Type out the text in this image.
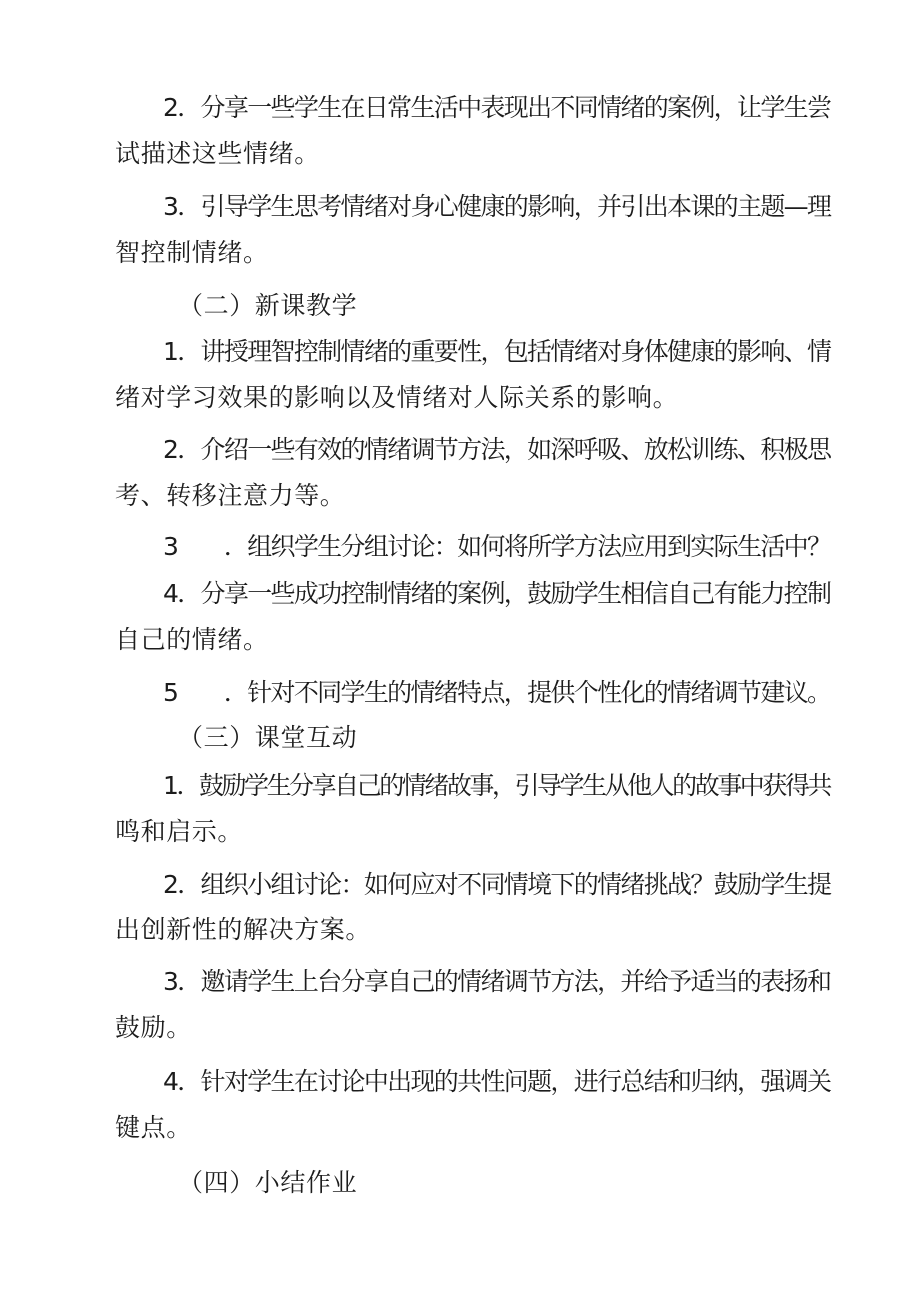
2．分享一些学生在日常生活中表现出不同情绪的案例，让学生尝

试描述这些情绪。

3．引导学生思考情绪对身心健康的影响，并引出本课的主题—理

智控制情绪。

（二）新课教学

1．讲授理智控制情绪的重要性，包括情绪对身体健康的影响、情

绪对学习效果的影响以及情绪对人际关系的影响。

2．介绍一些有效的情绪调节方法，如深呼吸、放松训练、积极思

考、转移注意力等。

3　　．组织学生分组讨论：如何将所学方法应用到实际生活中？

4．分享一些成功控制情绪的案例，鼓励学生相信自己有能力控制

自己的情绪。

5　　．针对不同学生的情绪特点，提供个性化的情绪调节建议。

（三）课堂互动

1．鼓励学生分享自己的情绪故事，引导学生从他人的故事中获得共

鸣和启示。

2．组织小组讨论：如何应对不同情境下的情绪挑战？鼓励学生提

出创新性的解决方案。

3．邀请学生上台分享自己的情绪调节方法，并给予适当的表扬和

鼓励。

4．针对学生在讨论中出现的共性问题，进行总结和归纳，强调关

键点。

（四）小结作业
